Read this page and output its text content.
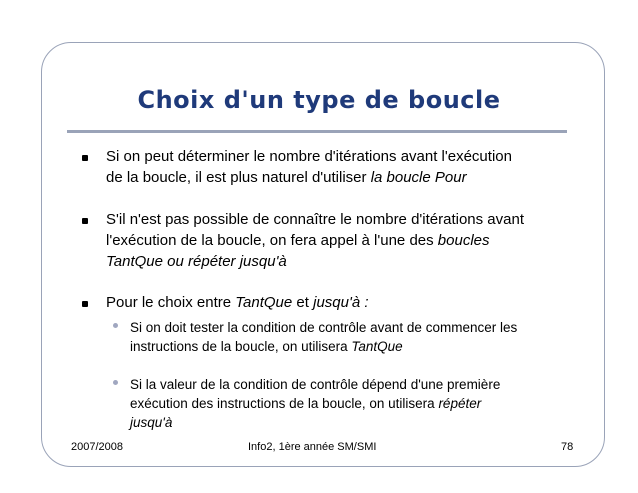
Choix d'un type de boucle
Si on peut déterminer le nombre d'itérations avant l'exécution
de la boucle, il est plus naturel d'utiliser la boucle Pour
S'il n'est pas possible de connaître le nombre d'itérations avant
l'exécution de la boucle, on fera appel à l'une des boucles
TantQue ou répéter jusqu'à
Pour le choix entre TantQue et jusqu'à :
Si on doit tester la condition de contrôle avant de commencer les
instructions de la boucle, on utilisera TantQue
Si la valeur de la condition de contrôle dépend d'une première
exécution des instructions de la boucle, on utilisera répéter
jusqu'à
2007/2008	Info2, 1ère année SM/SMI	78
